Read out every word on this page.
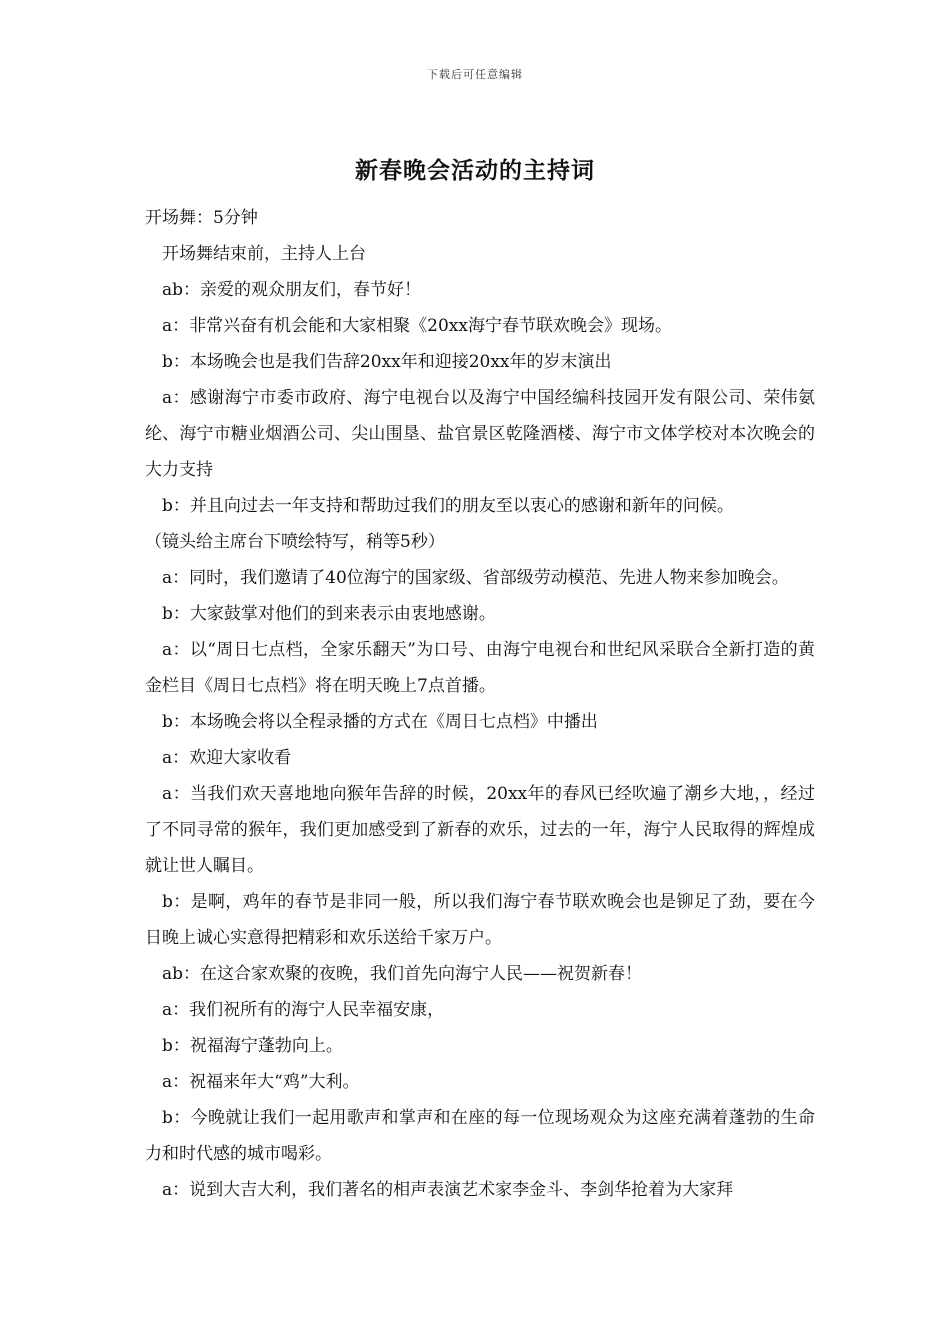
下载后可任意编辑
新春晚会活动的主持词

开场舞：5分钟

开场舞结束前，主持人上台

ab：亲爱的观众朋友们，春节好！

a：非常兴奋有机会能和大家相聚《20xx海宁春节联欢晚会》现场。

b：本场晚会也是我们告辞20xx年和迎接20xx年的岁末演出

a：感谢海宁市委市政府、海宁电视台以及海宁中国经编科技园开发有限公司、荣伟氨纶、海宁市糖业烟酒公司、尖山围垦、盐官景区乾隆酒楼、海宁市文体学校对本次晚会的大力支持

b：并且向过去一年支持和帮助过我们的朋友至以衷心的感谢和新年的问候。

（镜头给主席台下喷绘特写，稍等5秒）

a：同时，我们邀请了40位海宁的国家级、省部级劳动模范、先进人物来参加晚会。

b：大家鼓掌对他们的到来表示由衷地感谢。

a：以“周日七点档，全家乐翻天”为口号、由海宁电视台和世纪风采联合全新打造的黄金栏目《周日七点档》将在明天晚上7点首播。

b：本场晚会将以全程录播的方式在《周日七点档》中播出

a：欢迎大家收看

a：当我们欢天喜地地向猴年告辞的时候，20xx年的春风已经吹遍了潮乡大地，，经过了不同寻常的猴年，我们更加感受到了新春的欢乐，过去的一年，海宁人民取得的辉煌成就让世人瞩目。

b：是啊，鸡年的春节是非同一般，所以我们海宁春节联欢晚会也是铆足了劲，要在今日晚上诚心实意得把精彩和欢乐送给千家万户。

ab：在这合家欢聚的夜晚，我们首先向海宁人民——祝贺新春！

a：我们祝所有的海宁人民幸福安康，

b：祝福海宁蓬勃向上。

a：祝福来年大“鸡”大利。

b：今晚就让我们一起用歌声和掌声和在座的每一位现场观众为这座充满着蓬勃的生命力和时代感的城市喝彩。

a：说到大吉大利，我们著名的相声表演艺术家李金斗、李剑华抢着为大家拜
